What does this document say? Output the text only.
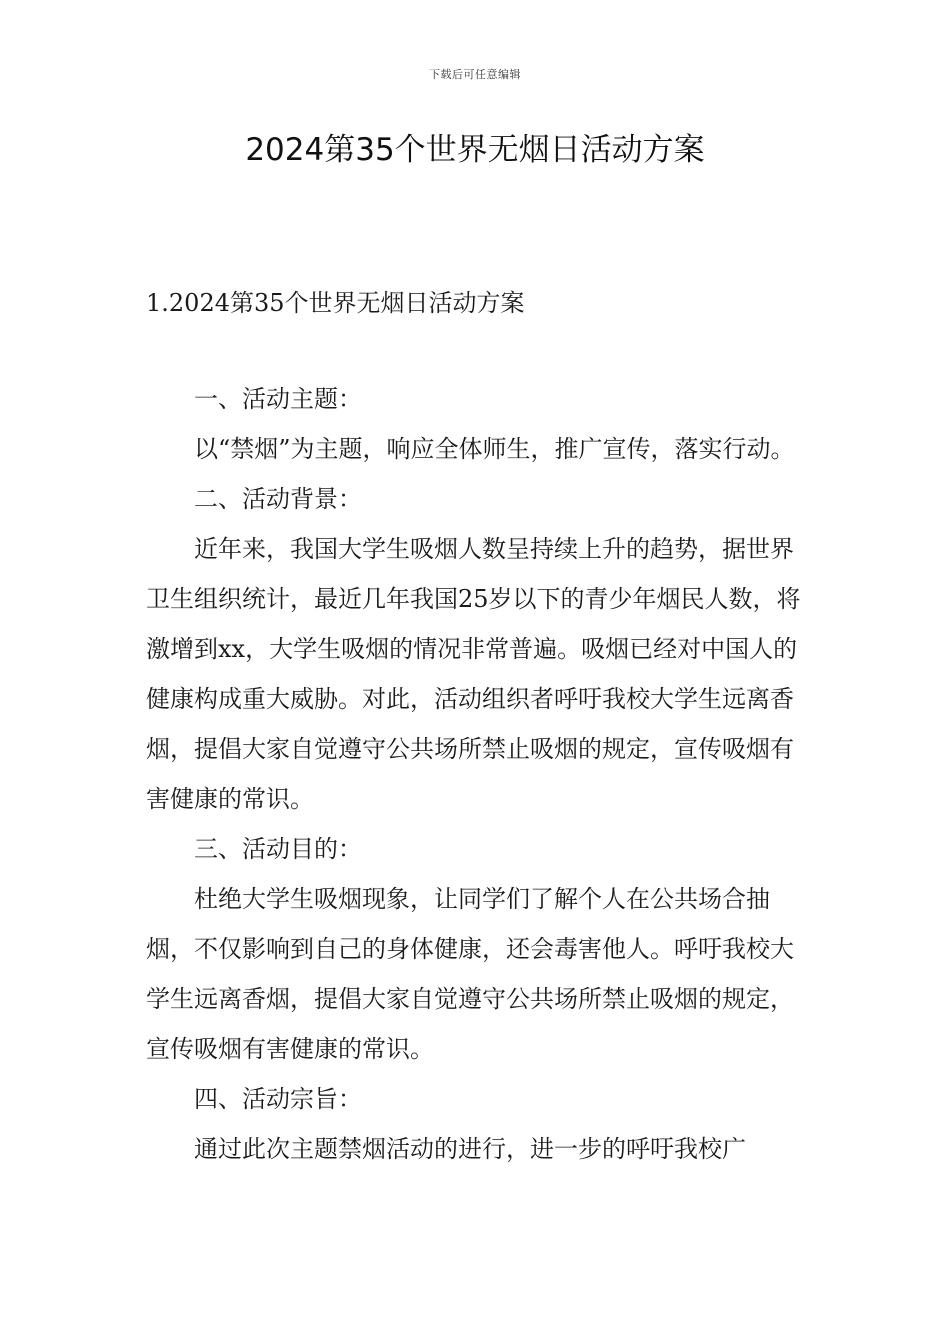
下载后可任意编辑
2024第35个世界无烟日活动方案
1.2024第35个世界无烟日活动方案

一、活动主题：

以“禁烟”为主题，响应全体师生，推广宣传，落实行动。

二、活动背景：

近年来，我国大学生吸烟人数呈持续上升的趋势，据世界卫生组织统计，最近几年我国25岁以下的青少年烟民人数，将激增到xx，大学生吸烟的情况非常普遍。吸烟已经对中国人的健康构成重大威胁。对此，活动组织者呼吁我校大学生远离香烟，提倡大家自觉遵守公共场所禁止吸烟的规定，宣传吸烟有害健康的常识。

三、活动目的：

杜绝大学生吸烟现象，让同学们了解个人在公共场合抽烟，不仅影响到自己的身体健康，还会毒害他人。呼吁我校大学生远离香烟，提倡大家自觉遵守公共场所禁止吸烟的规定，宣传吸烟有害健康的常识。

四、活动宗旨：

通过此次主题禁烟活动的进行，进一步的呼吁我校广
